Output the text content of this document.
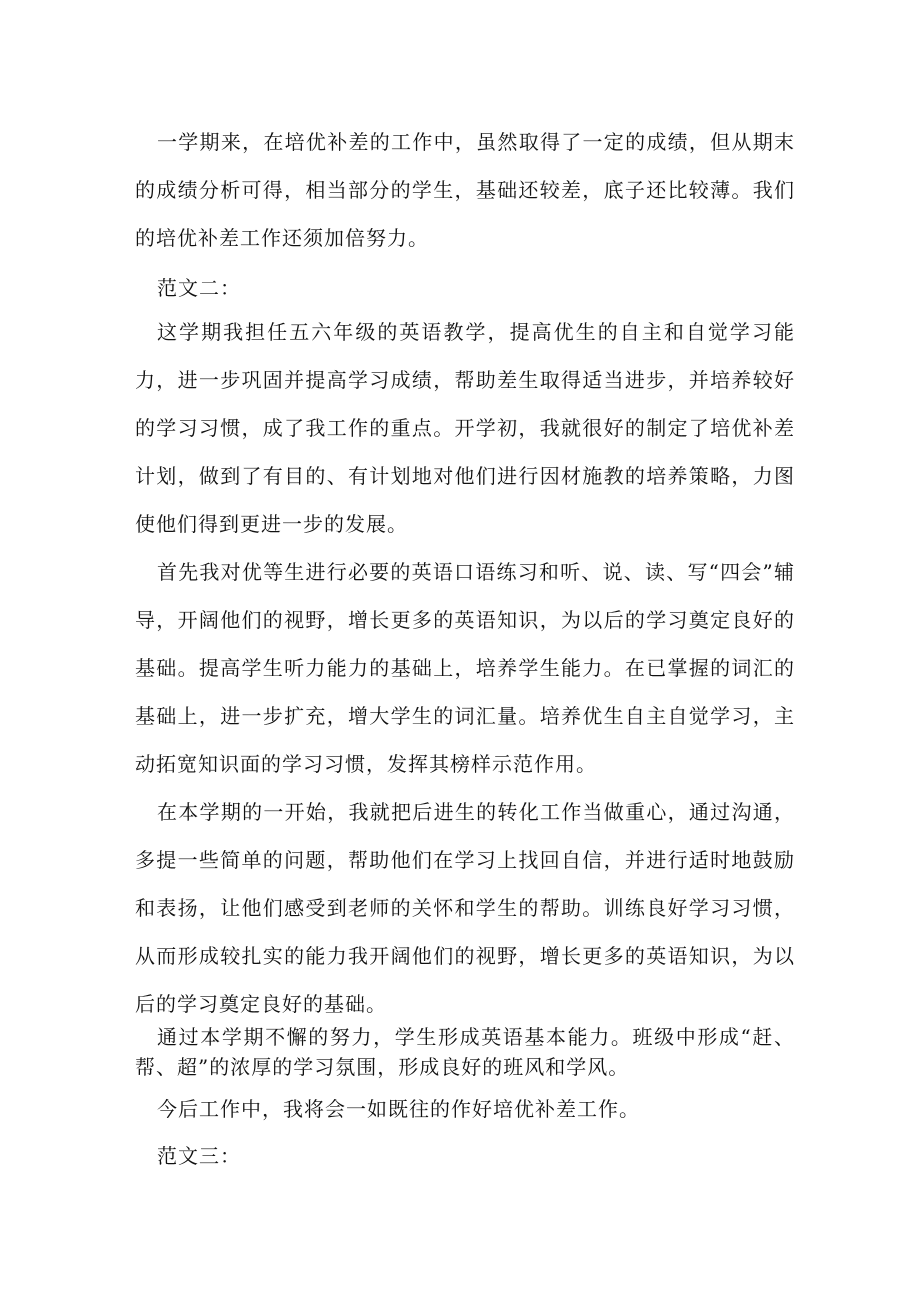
一学期来，在培优补差的工作中，虽然取得了一定的成绩，但从期末的成绩分析可得，相当部分的学生，基础还较差，底子还比较薄。我们的培优补差工作还须加倍努力。

范文二：

这学期我担任五六年级的英语教学，提高优生的自主和自觉学习能力，进一步巩固并提高学习成绩，帮助差生取得适当进步，并培养较好的学习习惯，成了我工作的重点。开学初，我就很好的制定了培优补差计划，做到了有目的、有计划地对他们进行因材施教的培养策略，力图使他们得到更进一步的发展。

首先我对优等生进行必要的英语口语练习和听、说、读、写“四会”辅导，开阔他们的视野，增长更多的英语知识，为以后的学习奠定良好的基础。提高学生听力能力的基础上，培养学生能力。在已掌握的词汇的基础上，进一步扩充，增大学生的词汇量。培养优生自主自觉学习，主动拓宽知识面的学习习惯，发挥其榜样示范作用。

在本学期的一开始，我就把后进生的转化工作当做重心，通过沟通，多提一些简单的问题，帮助他们在学习上找回自信，并进行适时地鼓励和表扬，让他们感受到老师的关怀和学生的帮助。训练良好学习习惯，从而形成较扎实的能力我开阔他们的视野，增长更多的英语知识，为以后的学习奠定良好的基础。

通过本学期不懈的努力，学生形成英语基本能力。班级中形成“赶、帮、超”的浓厚的学习氛围，形成良好的班风和学风。

今后工作中，我将会一如既往的作好培优补差工作。

范文三：
